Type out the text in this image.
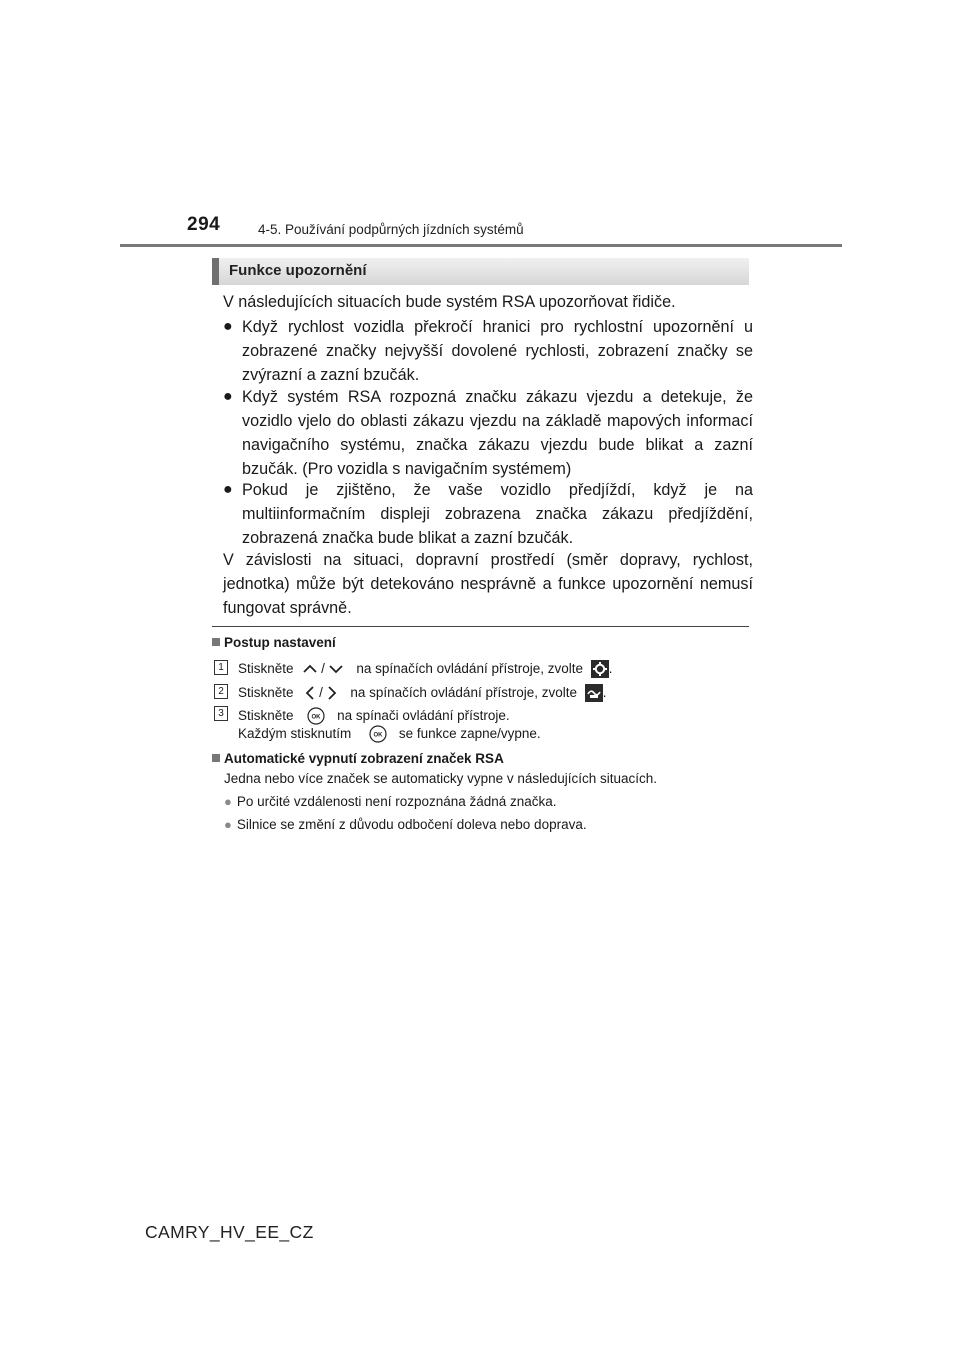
294	4-5. Používání podpůrných jízdních systémů
Funkce upozornění
V následujících situacích bude systém RSA upozorňovat řidiče.
● Když rychlost vozidla překročí hranici pro rychlostní upozornění u zobrazené značky nejvyšší dovolené rychlosti, zobrazení značky se zvýrazní a zazní bzučák.
● Když systém RSA rozpozná značku zákazu vjezdu a detekuje, že vozidlo vjelo do oblasti zákazu vjezdu na základě mapových informací navigačního systému, značka zákazu vjezdu bude blikat a zazní bzučák. (Pro vozidla s navigačním systémem)
● Pokud je zjištěno, že vaše vozidlo předjíždí, když je na multiinformačním displeji zobrazena značka zákazu předjíždění, zobrazená značka bude blikat a zazní bzučák.
V závislosti na situaci, dopravní prostředí (směr dopravy, rychlost, jednotka) může být detekováno nesprávně a funkce upozornění nemusí fungovat správně.
Postup nastavení
1	Stiskněte / na spínačích ovládání přístroje, zvolte .
2	Stiskněte / na spínačích ovládání přístroje, zvolte .
3	Stiskněte	OK na spínači ovládání přístroje.
Každým stisknutím	OK se funkce zapne/vypne.
Automatické vypnutí zobrazení značek RSA
Jedna nebo více značek se automaticky vypne v následujících situacích.
● Po určité vzdálenosti není rozpoznána žádná značka.
● Silnice se změní z důvodu odbočení doleva nebo doprava.
CAMRY_HV_EE_CZ
